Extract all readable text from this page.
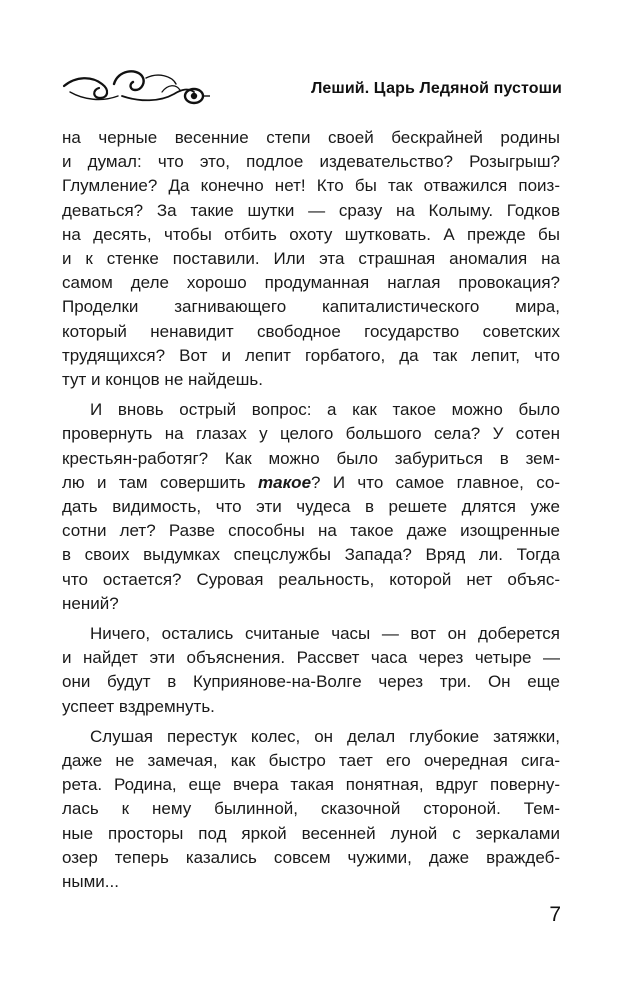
Леший. Царь Ледяной пустоши
на черные весенние степи своей бескрайней родины
и думал: что это, подлое издевательство? Розыгрыш?
Глумление? Да конечно нет! Кто бы так отважился поиз-
деваться? За такие шутки — сразу на Колыму. Годков
на десять, чтобы отбить охоту шутковать. А прежде бы
и к стенке поставили. Или эта страшная аномалия на
самом деле хорошо продуманная наглая провокация?
Проделки загнивающего капиталистического мира,
который ненавидит свободное государство советских
трудящихся? Вот и лепит горбатого, да так лепит, что
тут и концов не найдешь.
И вновь острый вопрос: а как такое можно было
провернуть на глазах у целого большого села? У сотен
крестьян-работяг? Как можно было забуриться в зем-
лю и там совершить такое? И что самое главное, со-
дать видимость, что эти чудеса в решете длятся уже
сотни лет? Разве способны на такое даже изощренные
в своих выдумках спецслужбы Запада? Вряд ли. Тогда
что остается? Суровая реальность, которой нет объяс-
нений?
Ничего, остались считаные часы — вот он доберется
и найдет эти объяснения. Рассвет часа через четыре —
они будут в Куприянове-на-Волге через три. Он еще
успеет вздремнуть.
Слушая перестук колес, он делал глубокие затяжки,
даже не замечая, как быстро тает его очередная сига-
рета. Родина, еще вчера такая понятная, вдруг поверну-
лась к нему былинной, сказочной стороной. Тем-
ные просторы под яркой весенней луной с зеркалами
озер теперь казались совсем чужими, даже враждеб-
ными...
7
